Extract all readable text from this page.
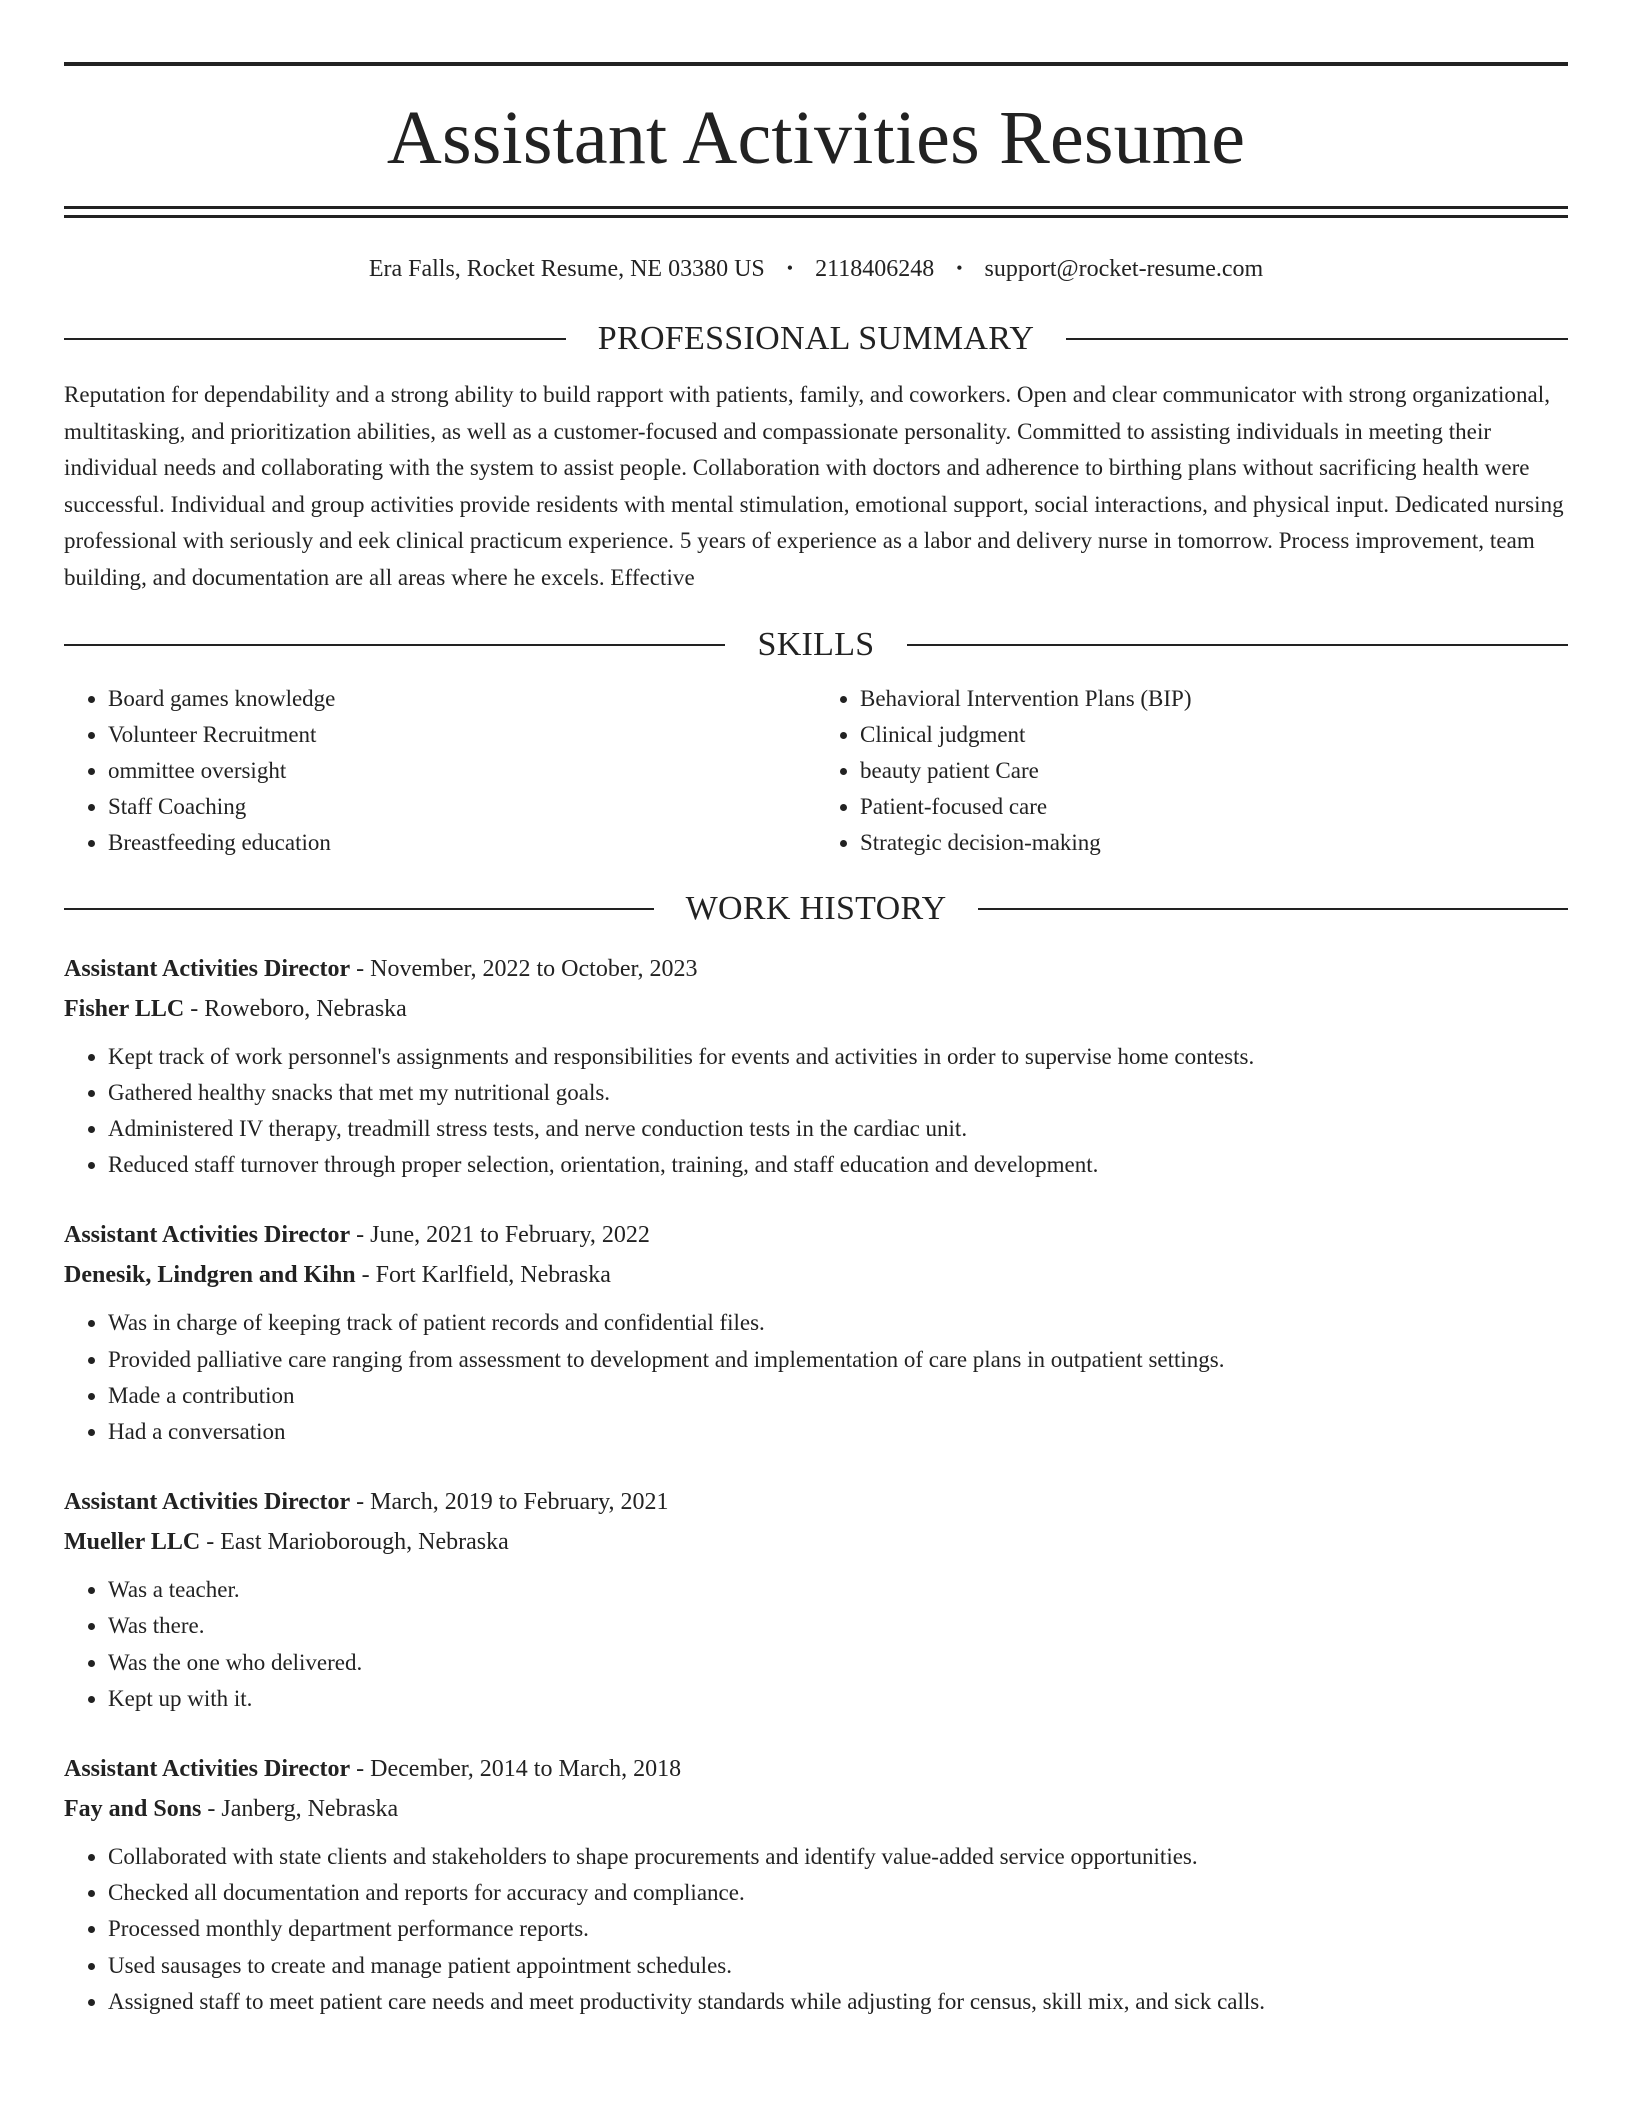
Assistant Activities Resume
Era Falls, Rocket Resume, NE 03380 US • 2118406248 • support@rocket-resume.com
PROFESSIONAL SUMMARY
Reputation for dependability and a strong ability to build rapport with patients, family, and coworkers. Open and clear communicator with strong organizational, multitasking, and prioritization abilities, as well as a customer-focused and compassionate personality. Committed to assisting individuals in meeting their individual needs and collaborating with the system to assist people. Collaboration with doctors and adherence to birthing plans without sacrificing health were successful. Individual and group activities provide residents with mental stimulation, emotional support, social interactions, and physical input. Dedicated nursing professional with seriously and eek clinical practicum experience. 5 years of experience as a labor and delivery nurse in tomorrow. Process improvement, team building, and documentation are all areas where he excels. Effective
SKILLS
• Board games knowledge
• Volunteer Recruitment
• ommittee oversight
• Staff Coaching
• Breastfeeding education
• Behavioral Intervention Plans (BIP)
• Clinical judgment
• beauty patient Care
• Patient-focused care
• Strategic decision-making
WORK HISTORY
Assistant Activities Director - November, 2022 to October, 2023
Fisher LLC - Roweboro, Nebraska
• Kept track of work personnel's assignments and responsibilities for events and activities in order to supervise home contests.
• Gathered healthy snacks that met my nutritional goals.
• Administered IV therapy, treadmill stress tests, and nerve conduction tests in the cardiac unit.
• Reduced staff turnover through proper selection, orientation, training, and staff education and development.
Assistant Activities Director - June, 2021 to February, 2022
Denesik, Lindgren and Kihn - Fort Karlfield, Nebraska
• Was in charge of keeping track of patient records and confidential files.
• Provided palliative care ranging from assessment to development and implementation of care plans in outpatient settings.
• Made a contribution
• Had a conversation
Assistant Activities Director - March, 2019 to February, 2021
Mueller LLC - East Marioborough, Nebraska
• Was a teacher.
• Was there.
• Was the one who delivered.
• Kept up with it.
Assistant Activities Director - December, 2014 to March, 2018
Fay and Sons - Janberg, Nebraska
• Collaborated with state clients and stakeholders to shape procurements and identify value-added service opportunities.
• Checked all documentation and reports for accuracy and compliance.
• Processed monthly department performance reports.
• Used sausages to create and manage patient appointment schedules.
• Assigned staff to meet patient care needs and meet productivity standards while adjusting for census, skill mix, and sick calls.
